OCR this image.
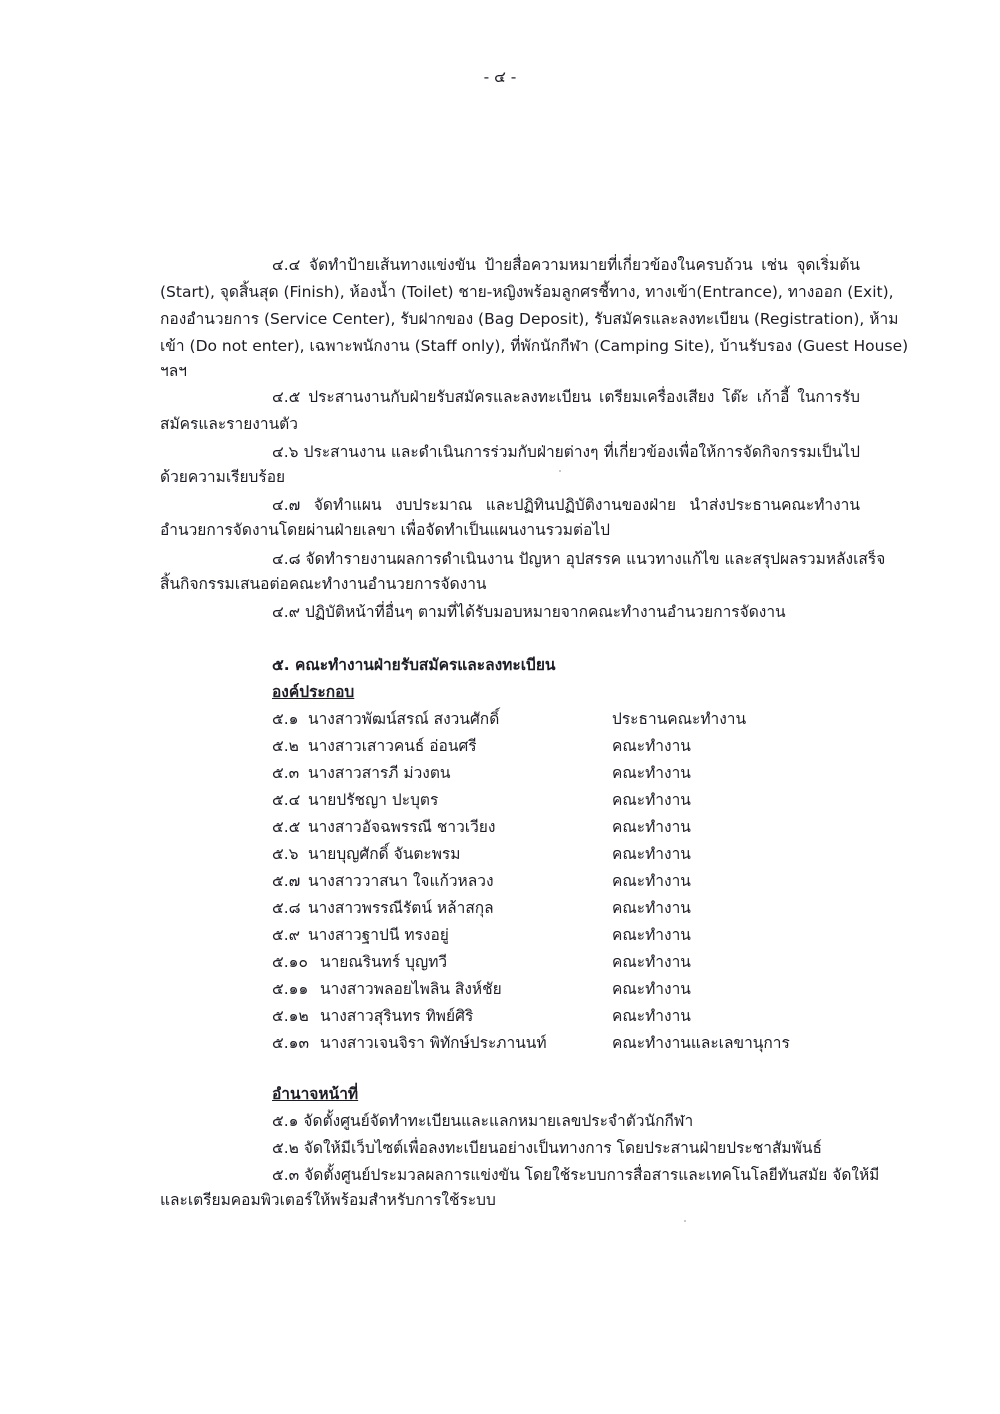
- ๔ -
๔.๔ จัดทำป้ายเส้นทางแข่งขัน ป้ายสื่อความหมายที่เกี่ยวข้องในครบถ้วน เช่น จุดเริ่มต้น
(Start), จุดสิ้นสุด (Finish), ห้องน้ำ (Toilet) ชาย-หญิงพร้อมลูกศรชี้ทาง, ทางเข้า(Entrance), ทางออก (Exit),
กองอำนวยการ (Service Center), รับฝากของ (Bag Deposit), รับสมัครและลงทะเบียน (Registration), ห้าม
เข้า (Do not enter), เฉพาะพนักงาน (Staff only), ที่พักนักกีฬา (Camping Site), บ้านรับรอง (Guest House)
ฯลฯ
๔.๕ ประสานงานกับฝ่ายรับสมัครและลงทะเบียน เตรียมเครื่องเสียง โต๊ะ เก้าอี้ ในการรับ
สมัครและรายงานตัว
๔.๖ ประสานงาน และดำเนินการร่วมกับฝ่ายต่างๆ ที่เกี่ยวข้องเพื่อให้การจัดกิจกรรมเป็นไป
ด้วยความเรียบร้อย
๔.๗ จัดทำแผน งบประมาณ และปฏิทินปฏิบัติงานของฝ่าย นำส่งประธานคณะทำงาน
อำนวยการจัดงานโดยผ่านฝ่ายเลขา เพื่อจัดทำเป็นแผนงานรวมต่อไป
๔.๘ จัดทำรายงานผลการดำเนินงาน ปัญหา อุปสรรค แนวทางแก้ไข และสรุปผลรวมหลังเสร็จ
สิ้นกิจกรรมเสนอต่อคณะทำงานอำนวยการจัดงาน
๔.๙ ปฏิบัติหน้าที่อื่นๆ ตามที่ได้รับมอบหมายจากคณะทำงานอำนวยการจัดงาน
๕. คณะทำงานฝ่ายรับสมัครและลงทะเบียน
องค์ประกอบ
๕.๑ นางสาวพัฒน์สรณ์ สงวนศักดิ์	ประธานคณะทำงาน
๕.๒ นางสาวเสาวคนธ์ อ่อนศรี	คณะทำงาน
๕.๓ นางสาวสารภี ม่วงตน	คณะทำงาน
๕.๔ นายปรัชญา ปะบุตร	คณะทำงาน
๕.๕ นางสาวอัจฉพรรณี ชาวเวียง	คณะทำงาน
๕.๖ นายบุญศักดิ์ จันตะพรม	คณะทำงาน
๕.๗ นางสาววาสนา ใจแก้วหลวง	คณะทำงาน
๕.๘ นางสาวพรรณีรัตน์ หล้าสกุล	คณะทำงาน
๕.๙ นางสาวฐาปนี ทรงอยู่	คณะทำงาน
๕.๑๐ นายณรินทร์ บุญทวี	คณะทำงาน
๕.๑๑ นางสาวพลอยไพลิน สิงห์ชัย	คณะทำงาน
๕.๑๒ นางสาวสุรินทร ทิพย์ศิริ	คณะทำงาน
๕.๑๓ นางสาวเจนจิรา พิทักษ์ประภานนท์	คณะทำงานและเลขานุการ
อำนาจหน้าที่
๕.๑ จัดตั้งศูนย์จัดทำทะเบียนและแลกหมายเลขประจำตัวนักกีฬา
๕.๒ จัดให้มีเว็บไซต์เพื่อลงทะเบียนอย่างเป็นทางการ โดยประสานฝ่ายประชาสัมพันธ์
๕.๓ จัดตั้งศูนย์ประมวลผลการแข่งขัน โดยใช้ระบบการสื่อสารและเทคโนโลยีทันสมัย จัดให้มี
และเตรียมคอมพิวเตอร์ให้พร้อมสำหรับการใช้ระบบ
